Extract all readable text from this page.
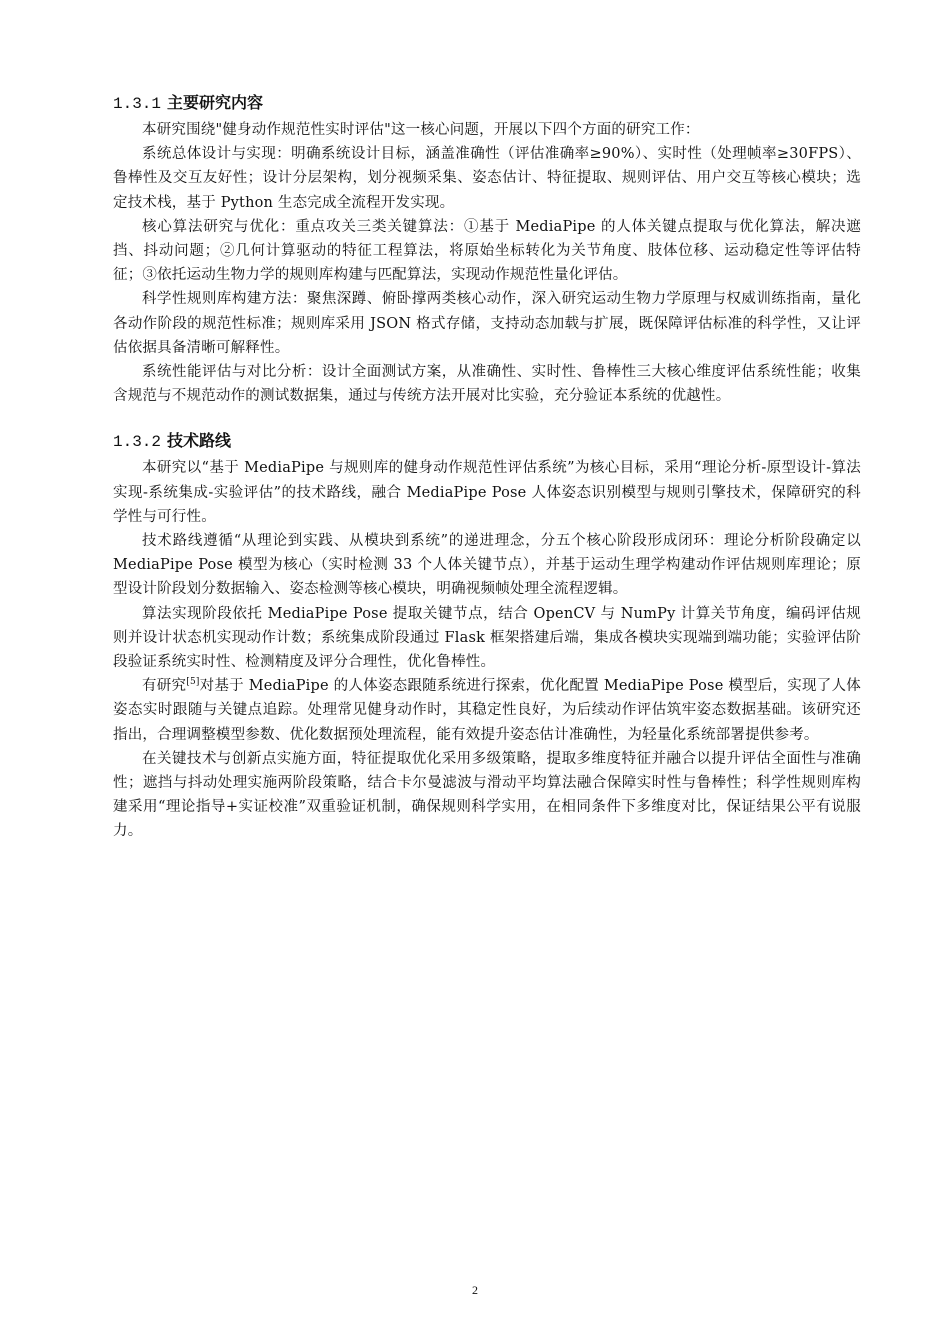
1.3.1 主要研究内容

本研究围绕"健身动作规范性实时评估"这一核心问题，开展以下四个方面的研究工作：

系统总体设计与实现：明确系统设计目标，涵盖准确性（评估准确率≥90%）、实时性（处理帧率≥30FPS）、鲁棒性及交互友好性；设计分层架构，划分视频采集、姿态估计、特征提取、规则评估、用户交互等核心模块；选定技术栈，基于 Python 生态完成全流程开发实现。

核心算法研究与优化：重点攻关三类关键算法：①基于 MediaPipe 的人体关键点提取与优化算法，解决遮挡、抖动问题；②几何计算驱动的特征工程算法，将原始坐标转化为关节角度、肢体位移、运动稳定性等评估特征；③依托运动生物力学的规则库构建与匹配算法，实现动作规范性量化评估。

科学性规则库构建方法：聚焦深蹲、俯卧撑两类核心动作，深入研究运动生物力学原理与权威训练指南，量化各动作阶段的规范性标准；规则库采用 JSON 格式存储，支持动态加载与扩展，既保障评估标准的科学性，又让评估依据具备清晰可解释性。

系统性能评估与对比分析：设计全面测试方案，从准确性、实时性、鲁棒性三大核心维度评估系统性能；收集含规范与不规范动作的测试数据集，通过与传统方法开展对比实验，充分验证本系统的优越性。

1.3.2 技术路线

本研究以“基于 MediaPipe 与规则库的健身动作规范性评估系统”为核心目标，采用“理论分析-原型设计-算法实现-系统集成-实验评估”的技术路线，融合 MediaPipe Pose 人体姿态识别模型与规则引擎技术，保障研究的科学性与可行性。

技术路线遵循“从理论到实践、从模块到系统”的递进理念，分五个核心阶段形成闭环：理论分析阶段确定以 MediaPipe Pose 模型为核心（实时检测 33 个人体关键节点），并基于运动生理学构建动作评估规则库理论；原型设计阶段划分数据输入、姿态检测等核心模块，明确视频帧处理全流程逻辑。

算法实现阶段依托 MediaPipe Pose 提取关键节点，结合 OpenCV 与 NumPy 计算关节角度，编码评估规则并设计状态机实现动作计数；系统集成阶段通过 Flask 框架搭建后端，集成各模块实现端到端功能；实验评估阶段验证系统实时性、检测精度及评分合理性，优化鲁棒性。

有研究[5]对基于 MediaPipe 的人体姿态跟随系统进行探索，优化配置 MediaPipe Pose 模型后，实现了人体姿态实时跟随与关键点追踪。处理常见健身动作时，其稳定性良好，为后续动作评估筑牢姿态数据基础。该研究还指出，合理调整模型参数、优化数据预处理流程，能有效提升姿态估计准确性，为轻量化系统部署提供参考。

在关键技术与创新点实施方面，特征提取优化采用多级策略，提取多维度特征并融合以提升评估全面性与准确性；遮挡与抖动处理实施两阶段策略，结合卡尔曼滤波与滑动平均算法融合保障实时性与鲁棒性；科学性规则库构建采用“理论指导+实证校准”双重验证机制，确保规则科学实用，在相同条件下多维度对比，保证结果公平有说服力。

2
